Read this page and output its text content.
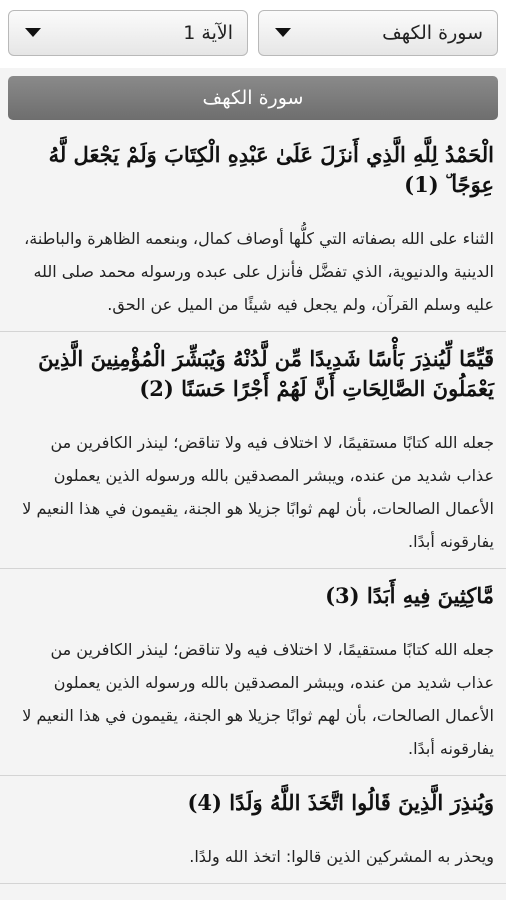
سورة الكهف
الآية 1
سورة الكهف
الْحَمْدُ لِلَّهِ الَّذِي أَنزَلَ عَلَىٰ عَبْدِهِ الْكِتَابَ وَلَمْ يَجْعَل لَّهُ عِوَجًا ۜ (1)
الثناء على الله بصفاته التي كلُّها أوصاف كمال، وبنعمه الظاهرة والباطنة، الدينية والدنيوية، الذي تفضَّل فأنزل على عبده ورسوله محمد صلى الله عليه وسلم القرآن، ولم يجعل فيه شيئًا من الميل عن الحق.
قَيِّمًا لِّيُنذِرَ بَأْسًا شَدِيدًا مِّن لَّدُنْهُ وَيُبَشِّرَ الْمُؤْمِنِينَ الَّذِينَ يَعْمَلُونَ الصَّالِحَاتِ أَنَّ لَهُمْ أَجْرًا حَسَنًا (2)
جعله الله كتابًا مستقيمًا، لا اختلاف فيه ولا تناقض؛ لينذر الكافرين من عذاب شديد من عنده، ويبشر المصدقين بالله ورسوله الذين يعملون الأعمال الصالحات، بأن لهم ثوابًا جزيلا هو الجنة، يقيمون في هذا النعيم لا يفارقونه أبدًا.
مَّاكِثِينَ فِيهِ أَبَدًا (3)
جعله الله كتابًا مستقيمًا، لا اختلاف فيه ولا تناقض؛ لينذر الكافرين من عذاب شديد من عنده، ويبشر المصدقين بالله ورسوله الذين يعملون الأعمال الصالحات، بأن لهم ثوابًا جزيلا هو الجنة، يقيمون في هذا النعيم لا يفارقونه أبدًا.
وَيُنذِرَ الَّذِينَ قَالُوا اتَّخَذَ اللَّهُ وَلَدًا (4)
ويحذر به المشركين الذين قالوا: اتخذ الله ولدًا.
